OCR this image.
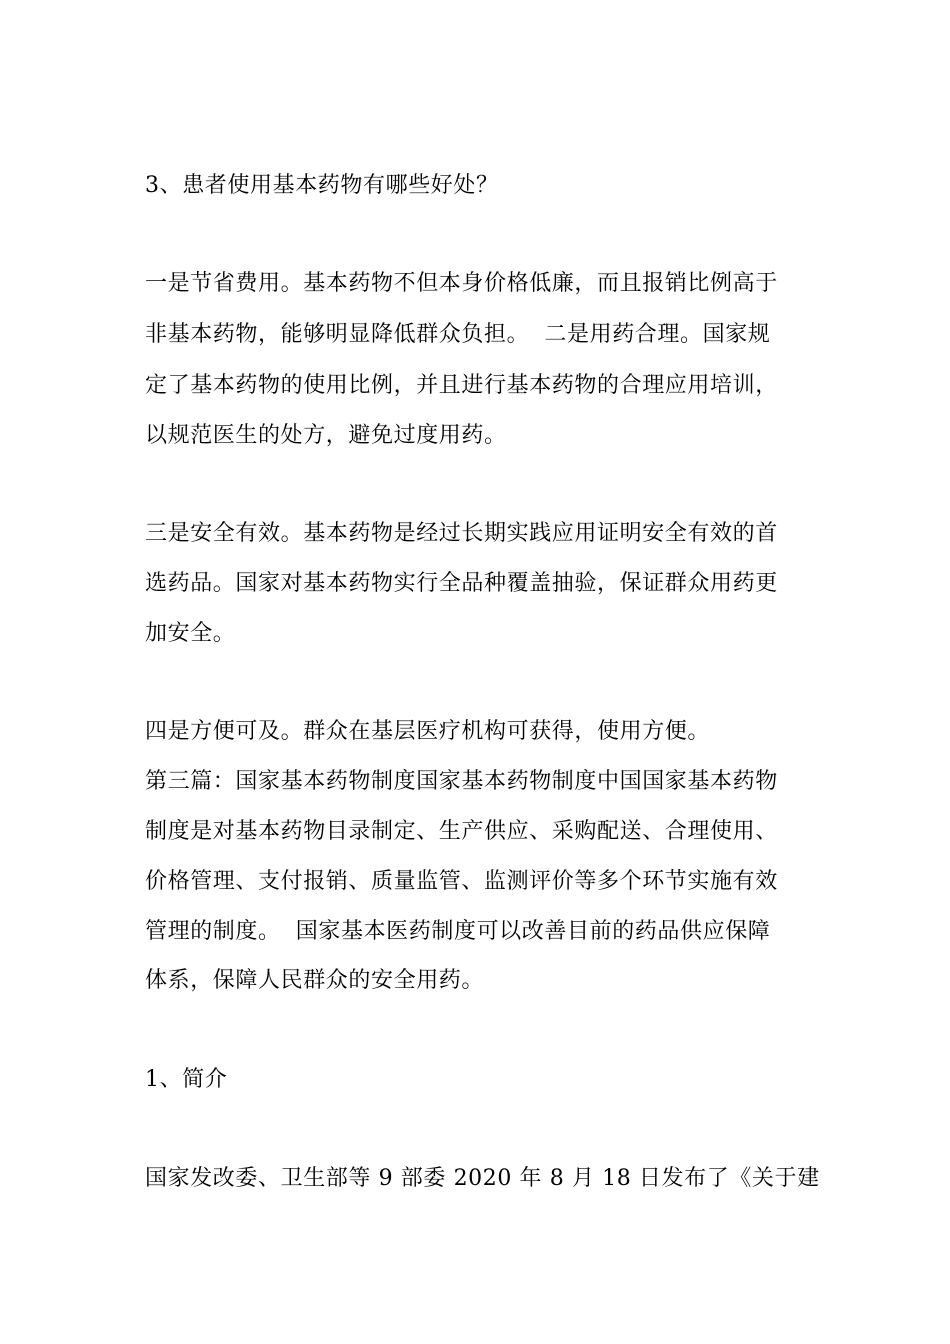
3、患者使用基本药物有哪些好处？
一是节省费用。基本药物不但本身价格低廉，而且报销比例高于
非基本药物，能够明显降低群众负担。  二是用药合理。国家规
定了基本药物的使用比例，并且进行基本药物的合理应用培训，
以规范医生的处方，避免过度用药。
三是安全有效。基本药物是经过长期实践应用证明安全有效的首
选药品。国家对基本药物实行全品种覆盖抽验，保证群众用药更
加安全。
四是方便可及。群众在基层医疗机构可获得，使用方便。
第三篇：国家基本药物制度国家基本药物制度中国国家基本药物
制度是对基本药物目录制定、生产供应、采购配送、合理使用、
价格管理、支付报销、质量监管、监测评价等多个环节实施有效
管理的制度。  国家基本医药制度可以改善目前的药品供应保障
体系，保障人民群众的安全用药。
1、简介
国家发改委、卫生部等 9 部委 2020 年 8 月 18 日发布了《关于建
